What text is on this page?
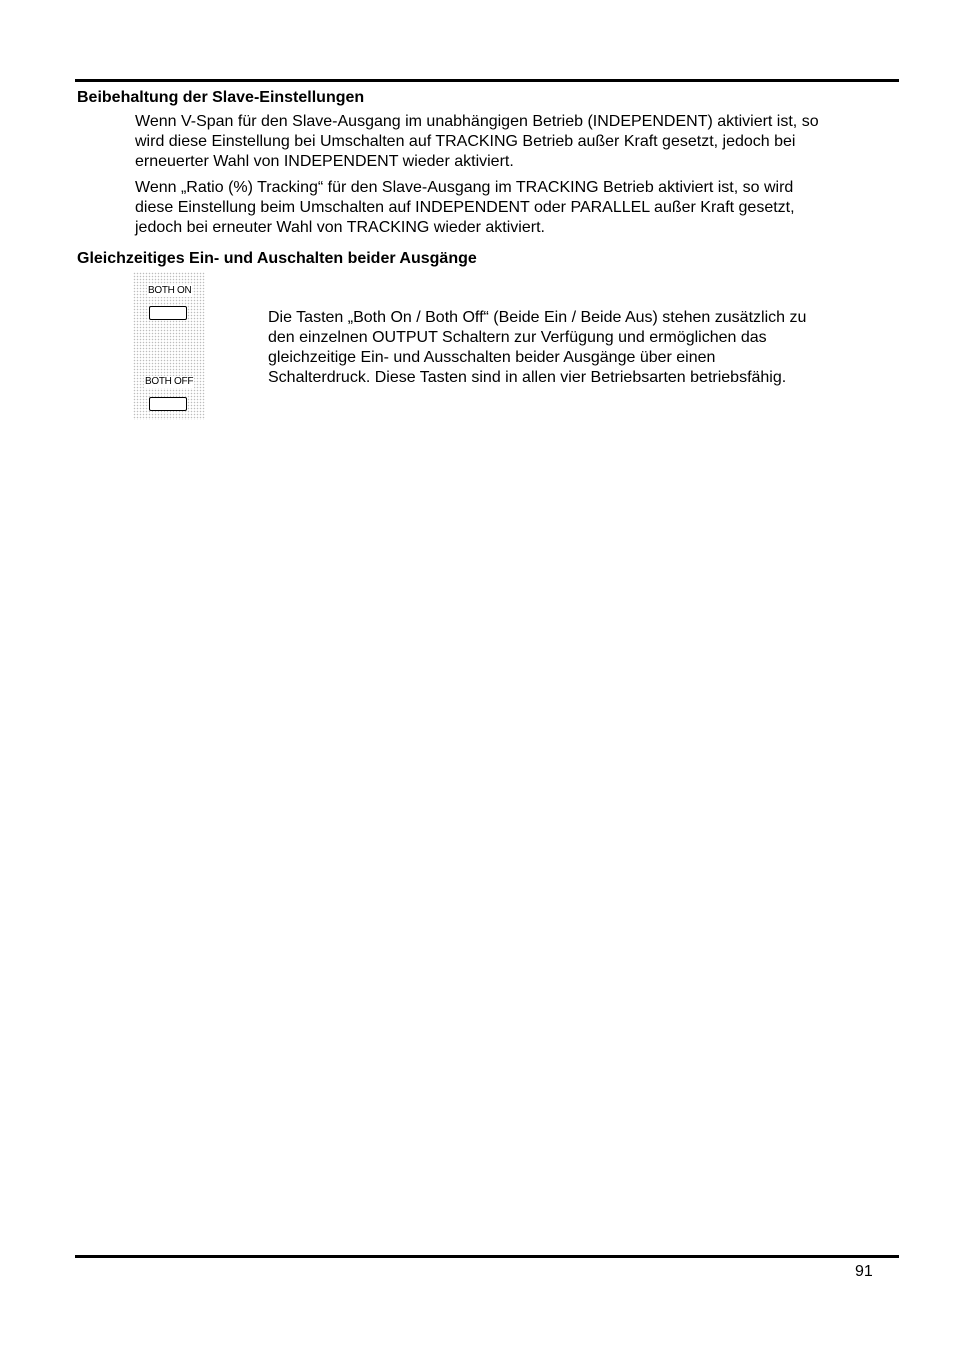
Beibehaltung der Slave-Einstellungen
Wenn V-Span für den Slave-Ausgang im unabhängigen Betrieb (INDEPENDENT) aktiviert ist, so
wird diese Einstellung bei Umschalten auf TRACKING Betrieb außer Kraft gesetzt, jedoch bei
erneuerter Wahl von INDEPENDENT wieder aktiviert.
Wenn „Ratio (%) Tracking“ für den Slave-Ausgang im TRACKING Betrieb aktiviert ist, so wird
diese Einstellung beim Umschalten auf INDEPENDENT oder PARALLEL außer Kraft gesetzt,
jedoch bei erneuter Wahl von TRACKING wieder aktiviert.
Gleichzeitiges Ein- und Auschalten beider Ausgänge
BOTH ON
BOTH OFF
Die Tasten „Both On / Both Off“ (Beide Ein / Beide Aus) stehen zusätzlich zu
den einzelnen OUTPUT Schaltern zur Verfügung und ermöglichen das
gleichzeitige Ein- und Ausschalten beider Ausgänge über einen
Schalterdruck. Diese Tasten sind in allen vier Betriebsarten betriebsfähig.
91
